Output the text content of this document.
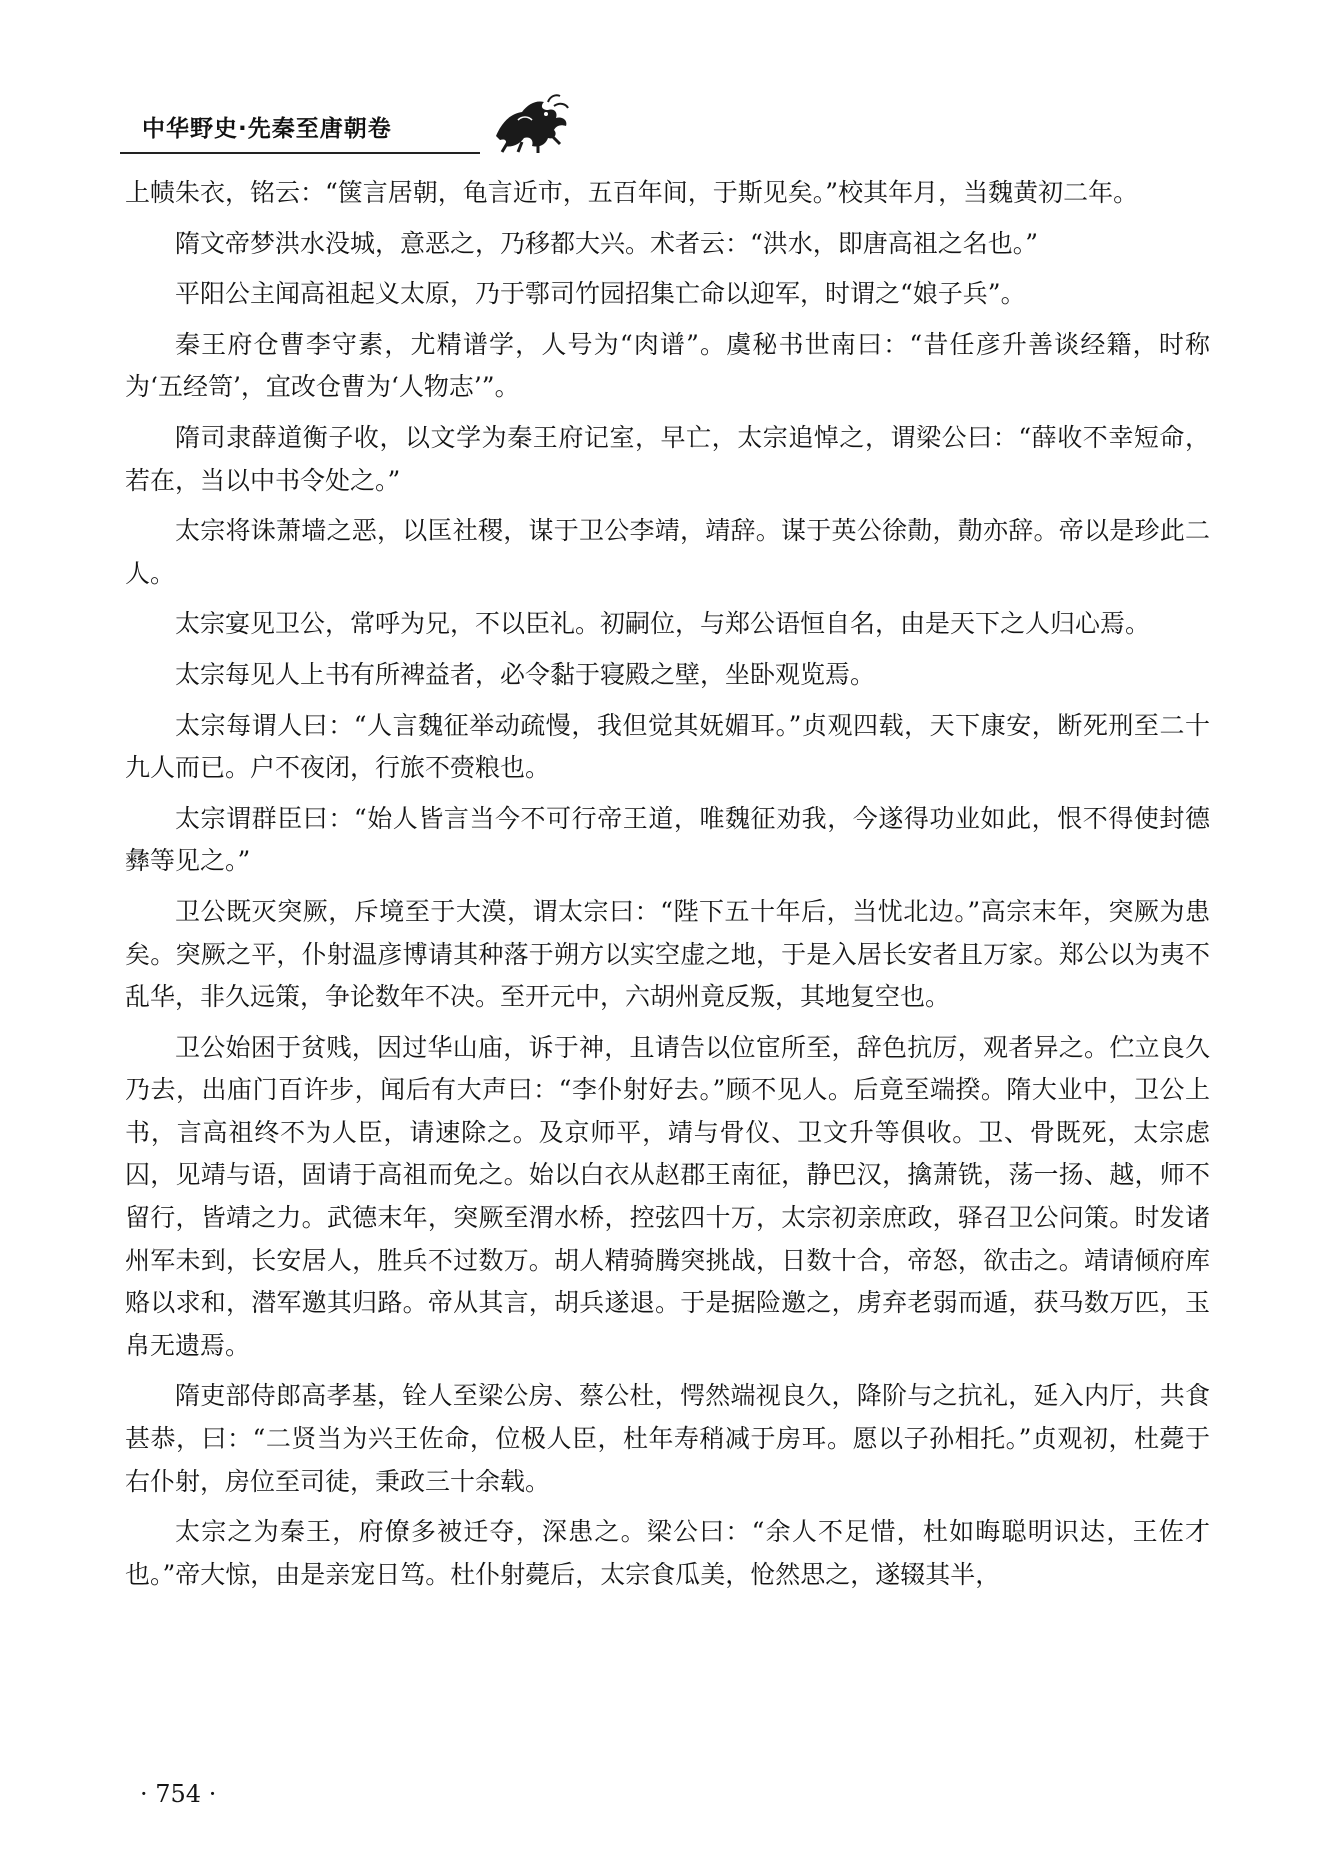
中华野史·先秦至唐朝卷

上帻朱衣，铭云：“箧言居朝，龟言近市，五百年间，于斯见矣。”校其年月，当魏黄初二年。

隋文帝梦洪水没城，意恶之，乃移都大兴。术者云：“洪水，即唐高祖之名也。”

平阳公主闻高祖起义太原，乃于鄠司竹园招集亡命以迎军，时谓之“娘子兵”。

秦王府仓曹李守素，尤精谱学，人号为“肉谱”。虞秘书世南曰：“昔任彦升善谈经籍，时称为‘五经笥’，宜改仓曹为‘人物志’”。

隋司隶薛道衡子收，以文学为秦王府记室，早亡，太宗追悼之，谓梁公曰：“薛收不幸短命，若在，当以中书令处之。”

太宗将诛萧墙之恶，以匡社稷，谋于卫公李靖，靖辞。谋于英公徐勣，勣亦辞。帝以是珍此二人。

太宗宴见卫公，常呼为兄，不以臣礼。初嗣位，与郑公语恒自名，由是天下之人归心焉。

太宗每见人上书有所裨益者，必令黏于寝殿之壁，坐卧观览焉。

太宗每谓人曰：“人言魏征举动疏慢，我但觉其妩媚耳。”贞观四载，天下康安，断死刑至二十九人而已。户不夜闭，行旅不赍粮也。

太宗谓群臣曰：“始人皆言当今不可行帝王道，唯魏征劝我，今遂得功业如此，恨不得使封德彝等见之。”

卫公既灭突厥，斥境至于大漠，谓太宗曰：“陛下五十年后，当忧北边。”高宗末年，突厥为患矣。突厥之平，仆射温彦博请其种落于朔方以实空虚之地，于是入居长安者且万家。郑公以为夷不乱华，非久远策，争论数年不决。至开元中，六胡州竟反叛，其地复空也。

卫公始困于贫贱，因过华山庙，诉于神，且请告以位宦所至，辞色抗厉，观者异之。伫立良久乃去，出庙门百许步，闻后有大声曰：“李仆射好去。”顾不见人。后竟至端揆。隋大业中，卫公上书，言高祖终不为人臣，请速除之。及京师平，靖与骨仪、卫文升等俱收。卫、骨既死，太宗虑囚，见靖与语，固请于高祖而免之。始以白衣从赵郡王南征，静巴汉，擒萧铣，荡一扬、越，师不留行，皆靖之力。武德末年，突厥至渭水桥，控弦四十万，太宗初亲庶政，驿召卫公问策。时发诸州军未到，长安居人，胜兵不过数万。胡人精骑腾突挑战，日数十合，帝怒，欲击之。靖请倾府库赂以求和，潜军邀其归路。帝从其言，胡兵遂退。于是据险邀之，虏弃老弱而遁，获马数万匹，玉帛无遗焉。

隋吏部侍郎高孝基，铨人至梁公房、蔡公杜，愕然端视良久，降阶与之抗礼，延入内厅，共食甚恭，曰：“二贤当为兴王佐命，位极人臣，杜年寿稍减于房耳。愿以子孙相托。”贞观初，杜薨于右仆射，房位至司徒，秉政三十余载。

太宗之为秦王，府僚多被迁夺，深患之。梁公曰：“余人不足惜，杜如晦聪明识达，王佐才也。”帝大惊，由是亲宠日笃。杜仆射薨后，太宗食瓜美，怆然思之，遂辍其半，

· 754 ·
